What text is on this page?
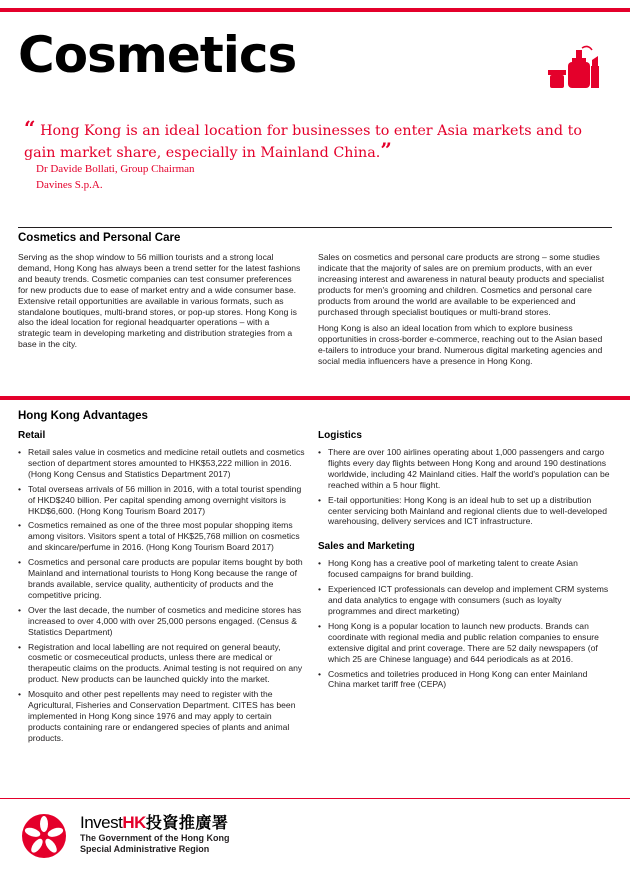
Cosmetics
“ Hong Kong is an ideal location for businesses to enter Asia markets and to gain market share, especially in Mainland China.”
Dr Davide Bollati, Group Chairman
Davines S.p.A.
Cosmetics and Personal Care

Serving as the shop window to 56 million tourists and a strong local demand, Hong Kong has always been a trend setter for the latest fashions and beauty trends. Cosmetic companies can test consumer preferences for new products due to ease of market entry and a wide consumer base. Extensive retail opportunities are available in various formats, such as standalone boutiques, multi-brand stores, or pop-up stores. Hong Kong is also the ideal location for regional headquarter operations – with a strategic team in developing marketing and distribution strategies from a base in the city.

Sales on cosmetics and personal care products are strong – some studies indicate that the majority of sales are on premium products, with an ever increasing interest and awareness in natural beauty products and specialist products for men's grooming and children. Cosmetics and personal care products from around the world are available to be experienced and purchased through specialist boutiques or multi-brand stores.

Hong Kong is also an ideal location from which to explore business opportunities in cross-border e-commerce, reaching out to the Asian based e-tailers to introduce your brand. Numerous digital marketing agencies and social media influencers have a presence in Hong Kong.

Hong Kong Advantages
Retail
• Retail sales value in cosmetics and medicine retail outlets and cosmetics section of department stores amounted to HK$53,222 million in 2016. (Hong Kong Census and Statistics Department 2017)
• Total overseas arrivals of 56 million in 2016, with a total tourist spending of HKD$240 billion. Per capital spending among overnight visitors is HKD$6,600. (Hong Kong Tourism Board 2017)
• Cosmetics remained as one of the three most popular shopping items among visitors. Visitors spent a total of HK$25,768 million on cosmetics and skincare/perfume in 2016. (Hong Kong Tourism Board 2017)
• Cosmetics and personal care products are popular items bought by both Mainland and international tourists to Hong Kong because the range of brands available, service quality, authenticity of products and the competitive pricing.
• Over the last decade, the number of cosmetics and medicine stores has increased to over 4,000 with over 25,000 persons engaged. (Census & Statistics Department)
• Registration and local labelling are not required on general beauty, cosmetic or cosmeceutical products, unless there are medical or therapeutic claims on the products. Animal testing is not required on any product. New products can be launched quickly into the market.
• Mosquito and other pest repellents may need to register with the Agricultural, Fisheries and Conservation Department. CITES has been implemented in Hong Kong since 1976 and may apply to certain products containing rare or endangered species of plants and animal products.
Logistics
• There are over 100 airlines operating about 1,000 passengers and cargo flights every day flights between Hong Kong and around 190 destinations worldwide, including 42 Mainland cities. Half the world's population can be reached within a 5 hour flight.
• E-tail opportunities: Hong Kong is an ideal hub to set up a distribution center servicing both Mainland and regional clients due to well-developed warehousing, delivery services and ICT infrastructure.
Sales and Marketing
• Hong Kong has a creative pool of marketing talent to create Asian focused campaigns for brand building.
• Experienced ICT professionals can develop and implement CRM systems and data analytics to engage with consumers (such as loyalty programmes and direct marketing)
• Hong Kong is a popular location to launch new products. Brands can coordinate with regional media and public relation companies to ensure extensive digital and print coverage. There are 52 daily newspapers (of which 25 are Chinese language) and 644 periodicals as at 2016.
• Cosmetics and toiletries produced in Hong Kong can enter Mainland China market tariff free (CEPA)
InvestHK投資推廣署
The Government of the Hong Kong
Special Administrative Region
